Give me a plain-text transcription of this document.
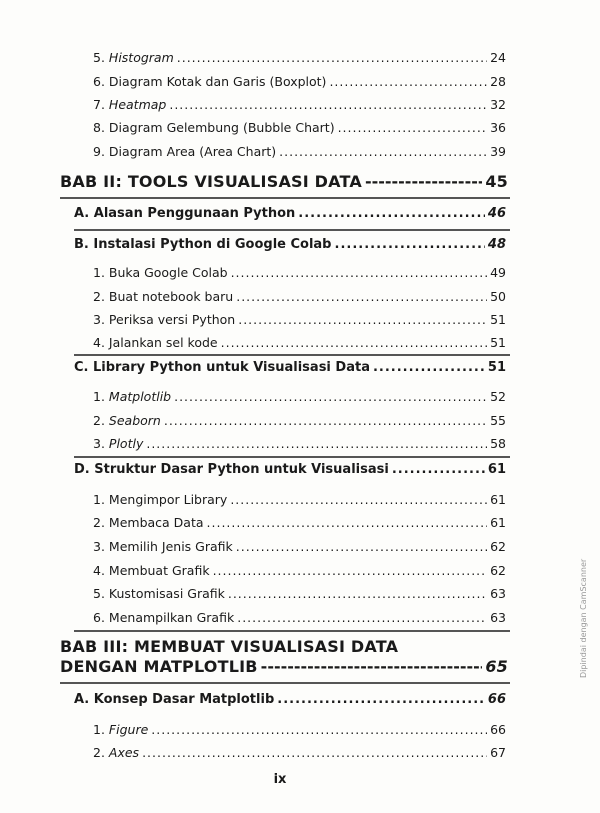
5. Histogram .....	24
6. Diagram Kotak dan Garis (Boxplot) .....	28
7. Heatmap .....	32
8. Diagram Gelembung (Bubble Chart) .....	36
9. Diagram Area (Area Chart) .....	39
BAB II: TOOLS VISUALISASI DATA -----	45
A. Alasan Penggunaan Python .....	46
B. Instalasi Python di Google Colab .....	48
1. Buka Google Colab .....	49
2. Buat notebook baru .....	50
3. Periksa versi Python .....	51
4. Jalankan sel kode .....	51
C. Library Python untuk Visualisasi Data .....	51
1. Matplotlib .....	52
2. Seaborn .....	55
3. Plotly .....	58
D. Struktur Dasar Python untuk Visualisasi .....	61
1. Mengimpor Library .....	61
2. Membaca Data .....	61
3. Memilih Jenis Grafik .....	62
4. Membuat Grafik .....	62
5. Kustomisasi Grafik .....	63
6. Menampilkan Grafik .....	63
BAB III: MEMBUAT VISUALISASI DATA
DENGAN MATPLOTLIB -----	65
A. Konsep Dasar Matplotlib .....	66
1. Figure .....	66
2. Axes .....	67
ix
Dipindai dengan CamScanner
